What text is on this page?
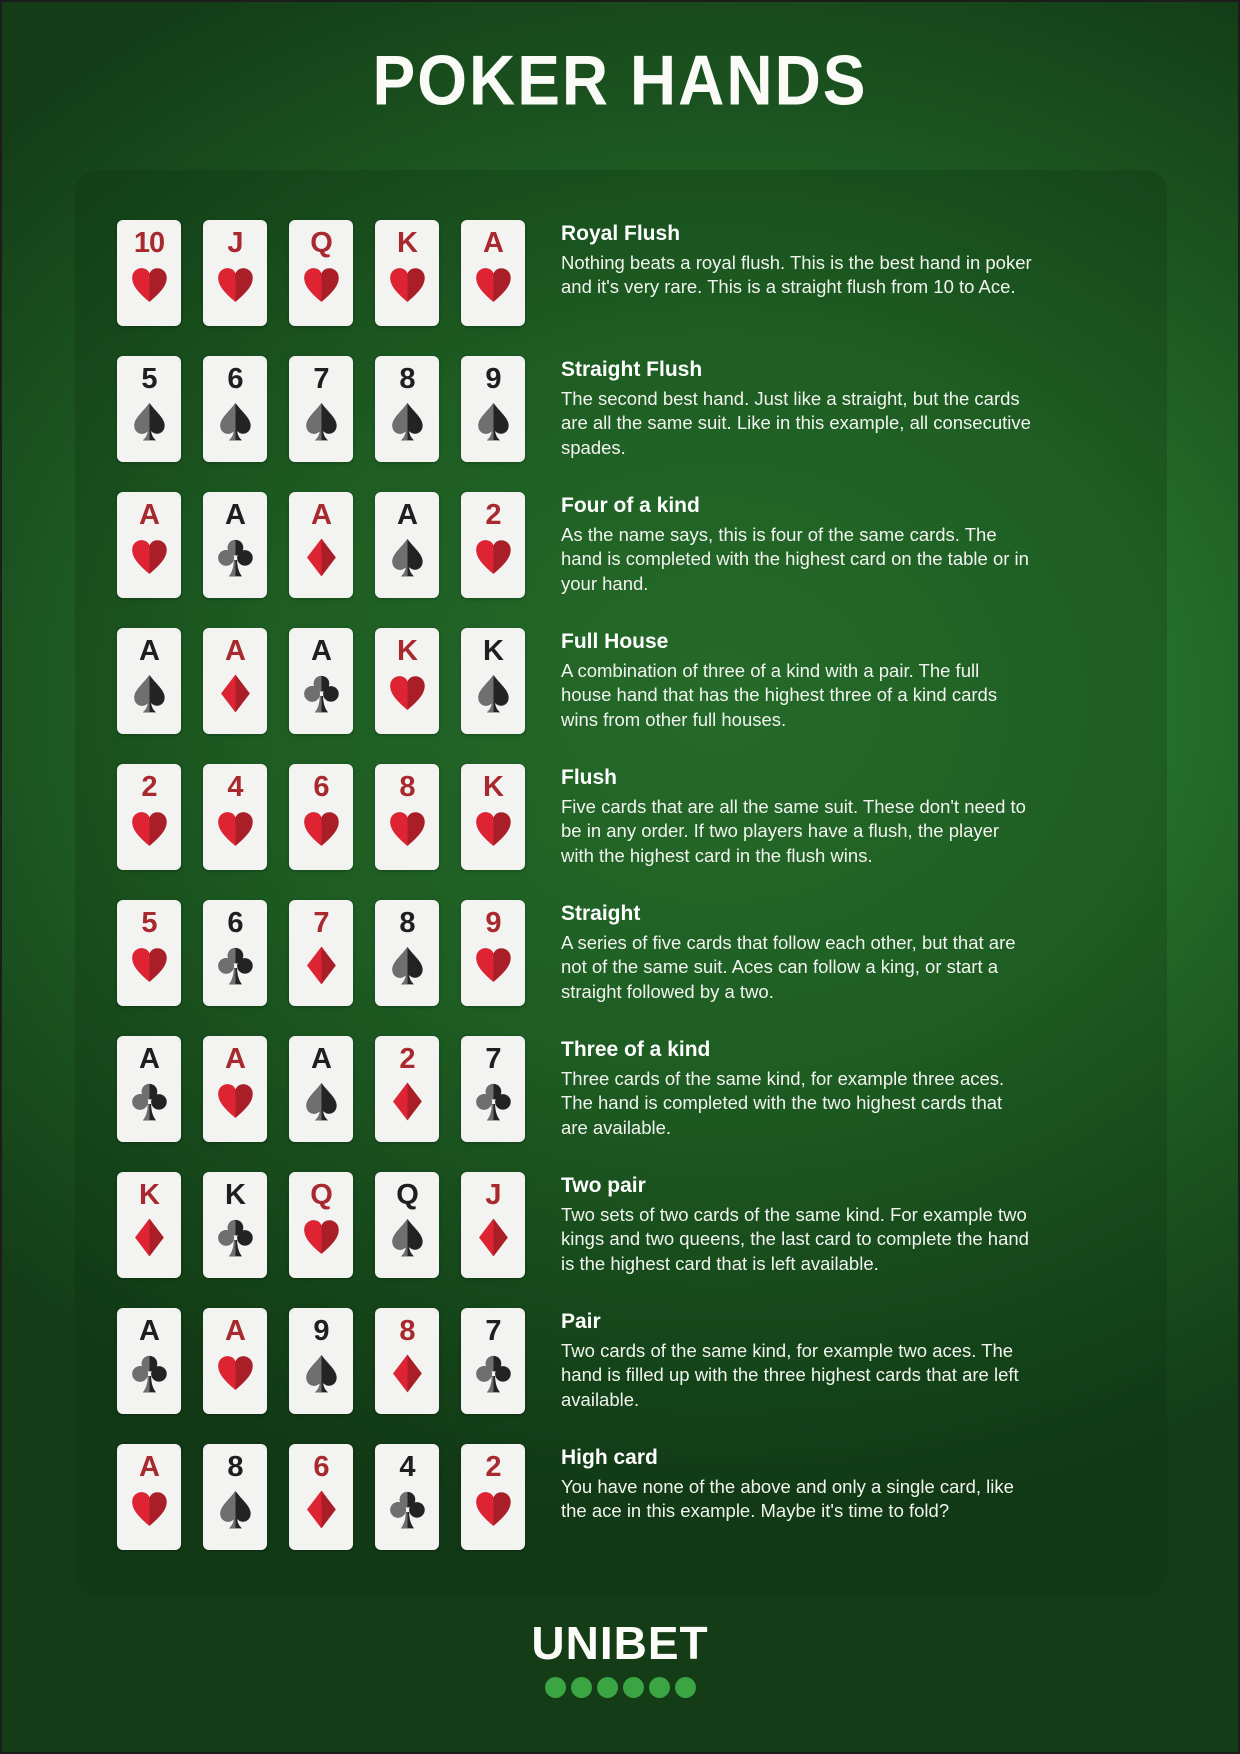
POKER HANDS
10 J Q K A	Royal Flush

Nothing beats a royal flush. This is the best hand in poker and it's very rare. This is a straight flush from 10 to Ace.

5 6 7 8 9	Straight Flush

The second best hand. Just like a straight, but the cards are all the same suit. Like in this example, all consecutive spades.

A A A A 2	Four of a kind

As the name says, this is four of the same cards. The hand is completed with the highest card on the table or in your hand.

A A A K K	Full House

A combination of three of a kind with a pair. The full house hand that has the highest three of a kind cards wins from other full houses.

2 4 6 8 K	Flush

Five cards that are all the same suit. These don't need to be in any order. If two players have a flush, the player with the highest card in the flush wins.

5 6 7 8 9	Straight

A series of five cards that follow each other, but that are not of the same suit. Aces can follow a king, or start a straight followed by a two.

A A A 2 7	Three of a kind

Three cards of the same kind, for example three aces. The hand is completed with the two highest cards that are available.

K K Q Q J	Two pair

Two sets of two cards of the same kind. For example two kings and two queens, the last card to complete the hand is the highest card that is left available.

A A 9 8 7	Pair

Two cards of the same kind, for example two aces. The hand is filled up with the three highest cards that are left available.

A 8 6 4 2	High card

You have none of the above and only a single card, like the ace in this example. Maybe it's time to fold?

UNIBET
